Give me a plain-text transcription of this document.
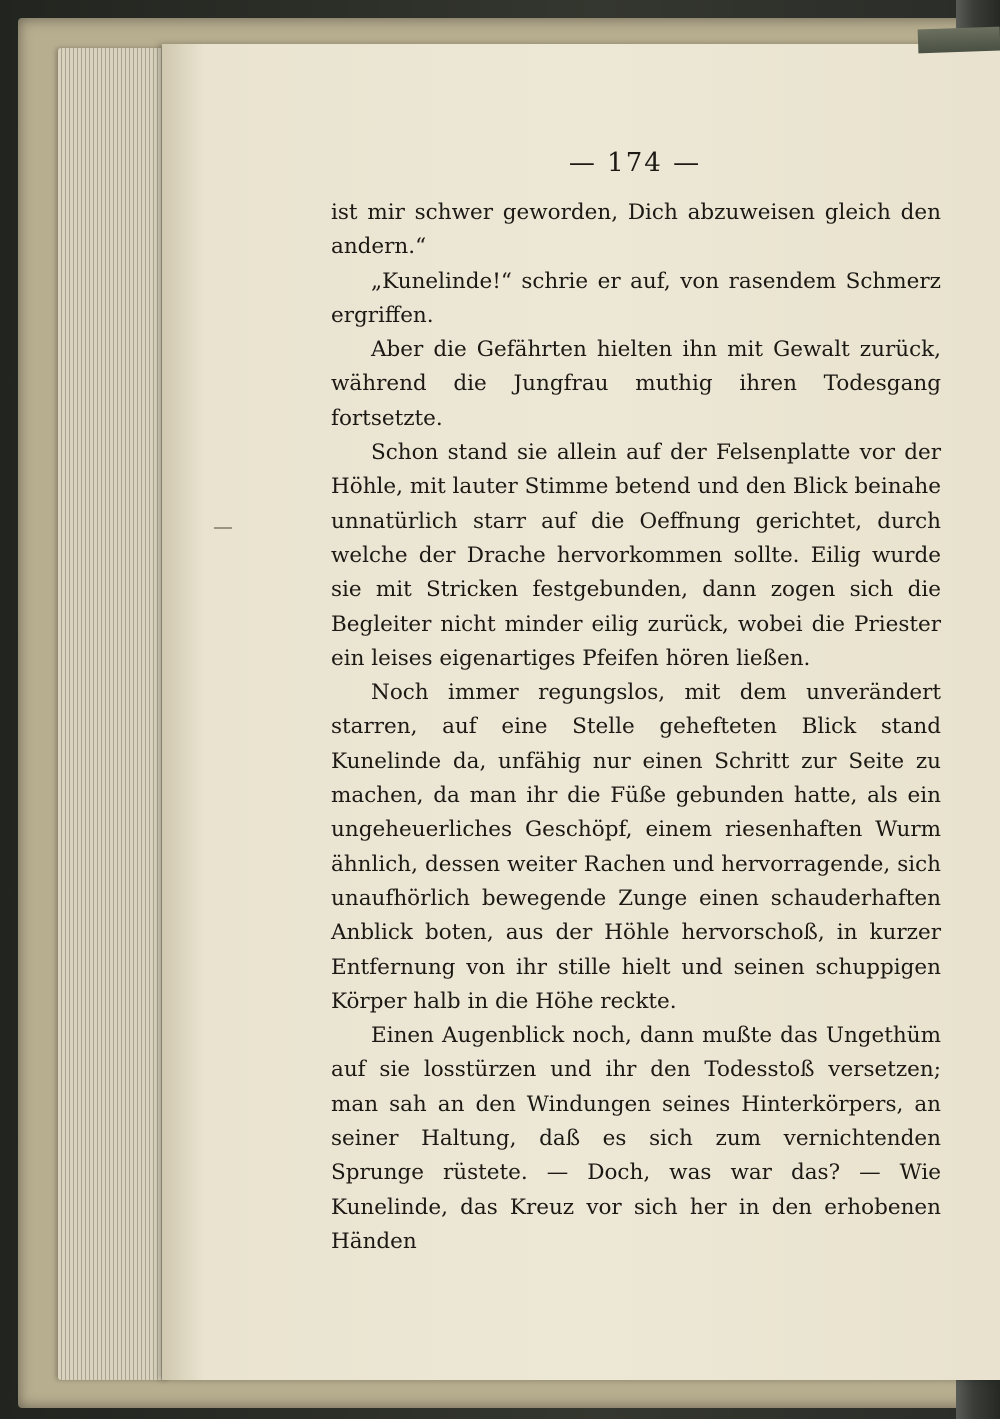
— 174 —

ist mir schwer geworden, Dich abzuweisen gleich den andern.“

„Kunelinde!“ schrie er auf, von rasendem Schmerz ergriffen.

Aber die Gefährten hielten ihn mit Gewalt zurück, während die Jungfrau muthig ihren Todesgang fortsetzte.

Schon stand sie allein auf der Felsenplatte vor der Höhle, mit lauter Stimme betend und den Blick beinahe unnatürlich starr auf die Oeffnung gerichtet, durch welche der Drache hervorkommen sollte. Eilig wurde sie mit Stricken festgebunden, dann zogen sich die Begleiter nicht minder eilig zurück, wobei die Priester ein leises eigenartiges Pfeifen hören ließen.

Noch immer regungslos, mit dem unverändert starren, auf eine Stelle gehefteten Blick stand Kunelinde da, unfähig nur einen Schritt zur Seite zu machen, da man ihr die Füße gebunden hatte, als ein ungeheuerliches Geschöpf, einem riesenhaften Wurm ähnlich, dessen weiter Rachen und hervorragende, sich unaufhörlich bewegende Zunge einen schauderhaften Anblick boten, aus der Höhle hervorschoß, in kurzer Entfernung von ihr stille hielt und seinen schuppigen Körper halb in die Höhe reckte.

Einen Augenblick noch, dann mußte das Ungethüm auf sie losstürzen und ihr den Todesstoß versetzen; man sah an den Windungen seines Hinterkörpers, an seiner Haltung, daß es sich zum vernichtenden Sprunge rüstete. — Doch, was war das? — Wie Kunelinde, das Kreuz vor sich her in den erhobenen Händen
